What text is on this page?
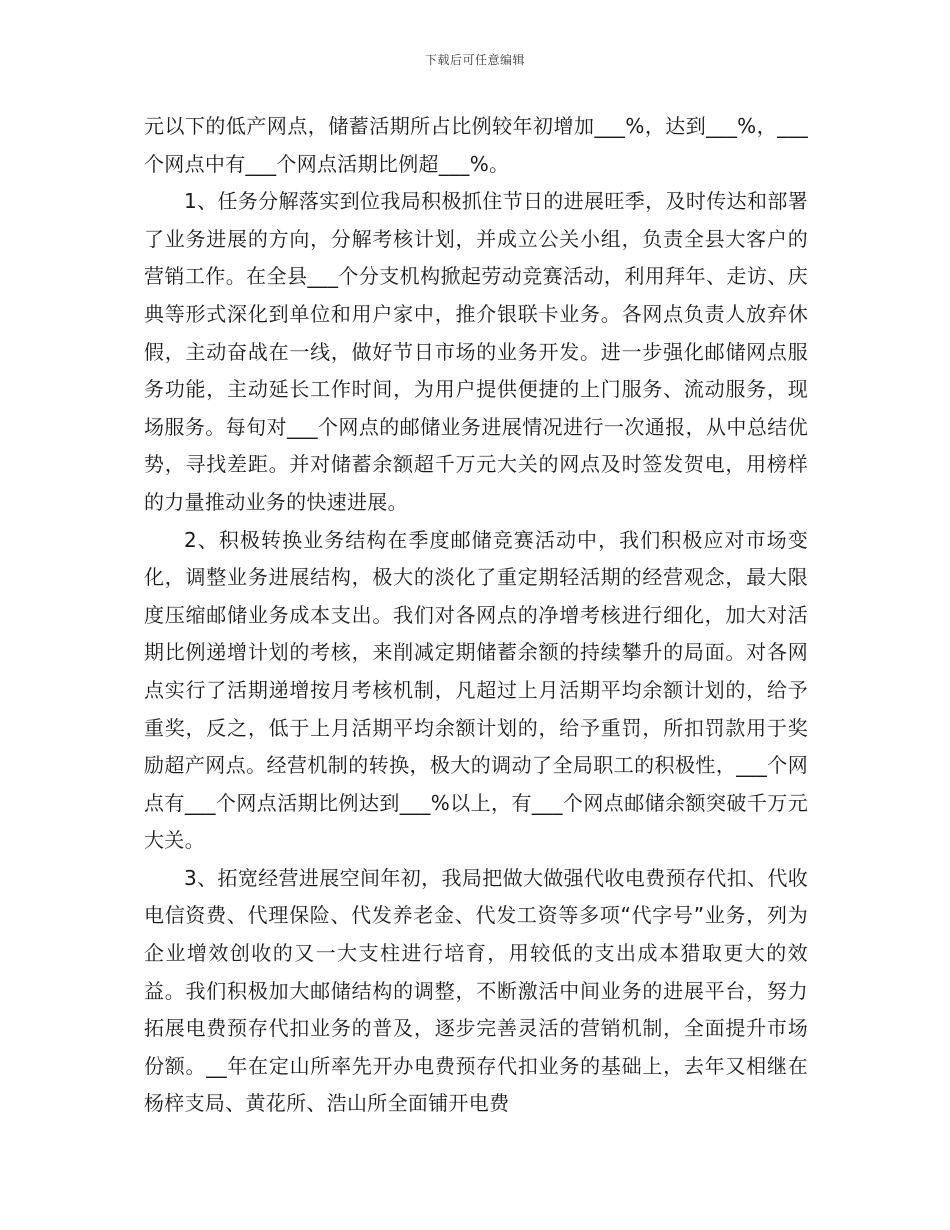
下载后可任意编辑

元以下的低产网点，储蓄活期所占比例较年初增加___%，达到___%，___个网点中有___个网点活期比例超___%。

1、任务分解落实到位我局积极抓住节日的进展旺季，及时传达和部署了业务进展的方向，分解考核计划，并成立公关小组，负责全县大客户的营销工作。在全县___个分支机构掀起劳动竞赛活动，利用拜年、走访、庆典等形式深化到单位和用户家中，推介银联卡业务。各网点负责人放弃休假，主动奋战在一线，做好节日市场的业务开发。进一步强化邮储网点服务功能，主动延长工作时间，为用户提供便捷的上门服务、流动服务，现场服务。每旬对___个网点的邮储业务进展情况进行一次通报，从中总结优势，寻找差距。并对储蓄余额超千万元大关的网点及时签发贺电，用榜样的力量推动业务的快速进展。

2、积极转换业务结构在季度邮储竞赛活动中，我们积极应对市场变化，调整业务进展结构，极大的淡化了重定期轻活期的经营观念，最大限度压缩邮储业务成本支出。我们对各网点的净增考核进行细化，加大对活期比例递增计划的考核，来削减定期储蓄余额的持续攀升的局面。对各网点实行了活期递增按月考核机制，凡超过上月活期平均余额计划的，给予重奖，反之，低于上月活期平均余额计划的，给予重罚，所扣罚款用于奖励超产网点。经营机制的转换，极大的调动了全局职工的积极性，___个网点有___个网点活期比例达到___%以上，有___个网点邮储余额突破千万元大关。

3、拓宽经营进展空间年初，我局把做大做强代收电费预存代扣、代收电信资费、代理保险、代发养老金、代发工资等多项“代字号”业务，列为企业增效创收的又一大支柱进行培育，用较低的支出成本猎取更大的效益。我们积极加大邮储结构的调整，不断激活中间业务的进展平台，努力拓展电费预存代扣业务的普及，逐步完善灵活的营销机制，全面提升市场份额。__年在定山所率先开办电费预存代扣业务的基础上，去年又相继在杨梓支局、黄花所、浩山所全面铺开电费
